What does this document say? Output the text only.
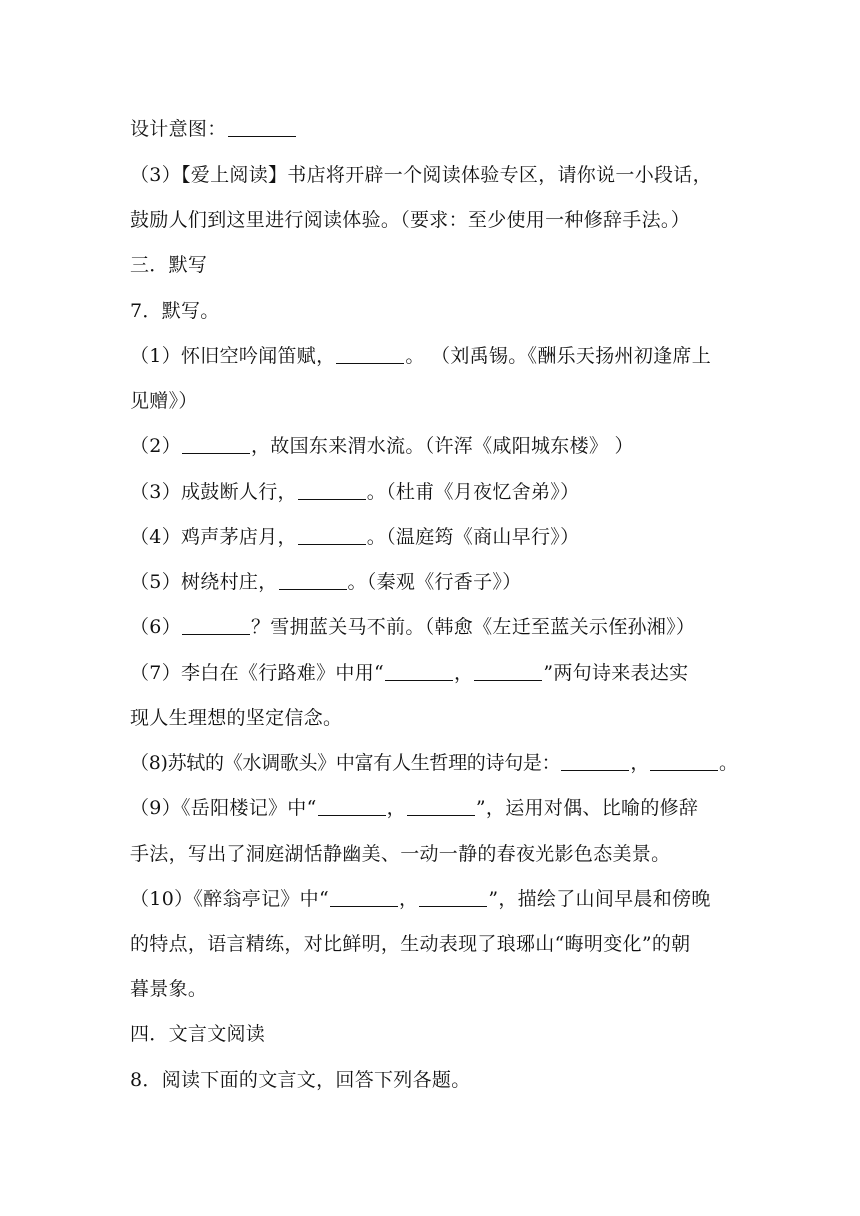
设计意图：
（3）【爱上阅读】书店将开辟一个阅读体验专区，请你说一小段话，
鼓励人们到这里进行阅读体验。（要求：至少使用一种修辞手法。）
三．默写
7．默写。
（1）怀旧空吟闻笛赋，	。 （刘禹锡。《酬乐天扬州初逢席上
见赠》）
（2）	，故国东来渭水流。（许浑《咸阳城东楼》 ）
（3）成鼓断人行，	。（杜甫《月夜忆舍弟》）
（4）鸡声茅店月，	。（温庭筠《商山早行》）
（5）树绕村庄，	。（秦观《行香子》）
（6）	？雪拥蓝关马不前。（韩愈《左迁至蓝关示侄孙湘》）
（7）李白在《行路难》中用“	，	”两句诗来表达实
现人生理想的坚定信念。
（8)苏轼的《水调歌头》中富有人生哲理的诗句是：	，	。
（9）《岳阳楼记》中“	，	”，运用对偶、比喻的修辞
手法，写出了洞庭湖恬静幽美、一动一静的春夜光影色态美景。
（10）《醉翁亭记》中“	，	”，描绘了山间早晨和傍晚
的特点，语言精练，对比鲜明，生动表现了琅琊山“晦明变化”的朝
暮景象。
四．文言文阅读
8．阅读下面的文言文，回答下列各题。
